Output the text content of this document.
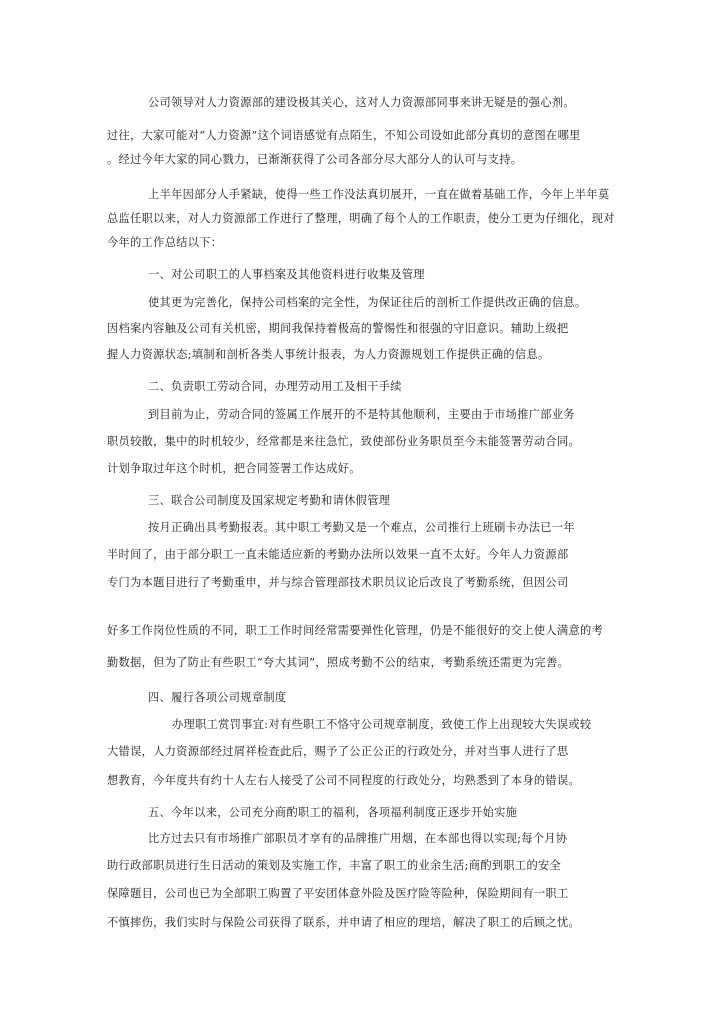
公司领导对人力资源部的建设极其关心，这对人力资源部同事来讲无疑是的强心剂。
过往，大家可能对“人力资源”这个词语感觉有点陌生，不知公司设如此部分真切的意图在哪里
。经过今年大家的同心戮力，已渐渐获得了公司各部分尽大部分人的认可与支持。
上半年因部分人手紧缺，使得一些工作没法真切展开，一直在做着基础工作，今年上半年莫
总监任职以来，对人力资源部工作进行了整理，明确了每个人的工作职责，使分工更为仔细化，现对
今年的工作总结以下：
一、对公司职工的人事档案及其他资料进行收集及管理
使其更为完善化，保持公司档案的完全性，为保证往后的剖析工作提供改正确的信息。
因档案内容触及公司有关机密，期间我保持着极高的警惕性和很强的守旧意识。辅助上级把
握人力资源状态;填制和剖析各类人事统计报表，为人力资源规划工作提供正确的信息。
二、负责职工劳动合同，办理劳动用工及相干手续
到目前为止，劳动合同的签属工作展开的不是特其他顺利，主要由于市场推广部业务
职员较散，集中的时机较少，经常都是来往急忙，致使部份业务职员至今未能签署劳动合同。
计划争取过年这个时机，把合同签署工作达成好。
三、联合公司制度及国家规定考勤和请休假管理
按月正确出具考勤报表。其中职工考勤又是一个难点，公司推行上班刷卡办法已一年
半时间了，由于部分职工一直未能适应新的考勤办法所以效果一直不太好。今年人力资源部
专门为本题目进行了考勤重申，并与综合管理部技术职员议论后改良了考勤系统，但因公司
好多工作岗位性质的不同，职工工作时间经常需要弹性化管理，仍是不能很好的交上使人满意的考
勤数据，但为了防止有些职工“夸大其词”，照成考勤不公的结束，考勤系统还需更为完善。
四、履行各项公司规章制度
办理职工赏罚事宜:对有些职工不恪守公司规章制度，致使工作上出现较大失误或较
大错误，人力资源部经过屑祥检查此后，赐予了公正公正的行政处分，并对当事人进行了思
想教育，今年度共有约十人左右人接受了公司不同程度的行政处分，均熟悉到了本身的错误。
五、今年以来，公司充分商酌职工的福利，各项福利制度正逐步开始实施
比方过去只有市场推广部职员才享有的品牌推广用烟，在本部也得以实现;每个月协
助行政部职员进行生日活动的策划及实施工作，丰富了职工的业余生活;商酌到职工的安全
保障题目，公司也已为全部职工购置了平安团体意外险及医疗险等险种，保险期间有一职工
不慎摔伤，我们实时与保险公司获得了联系，并申请了相应的理培，解决了职工的后顾之忧。
